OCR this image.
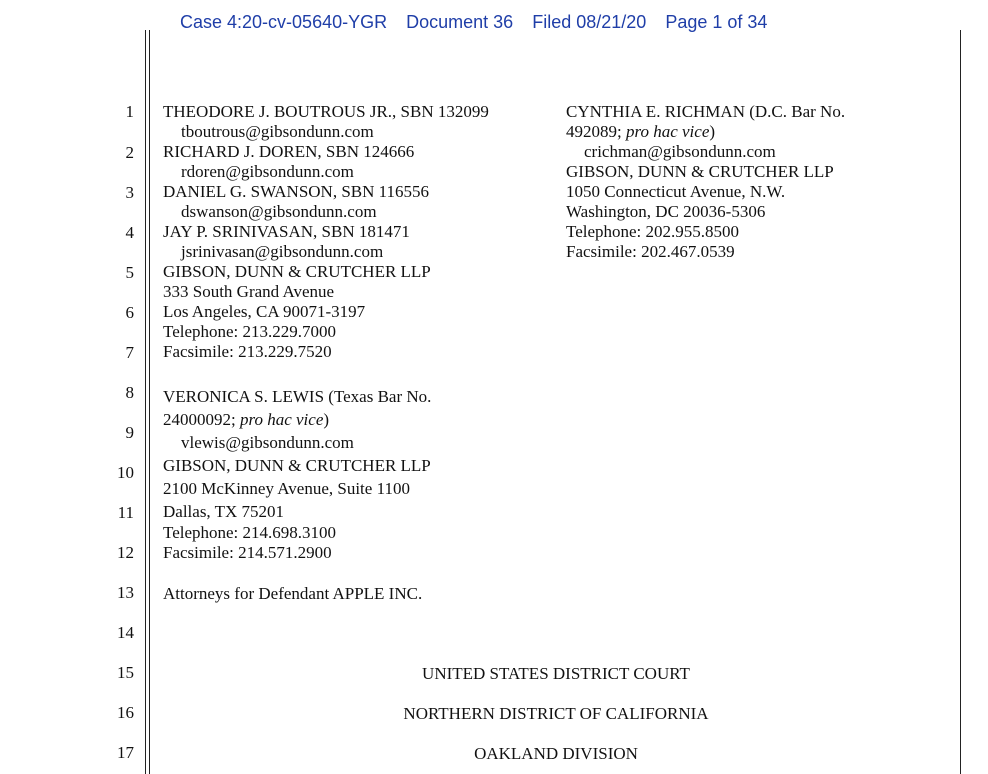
Case 4:20-cv-05640-YGR Document 36 Filed 08/21/20 Page 1 of 34
1
2
3
4
5
6
7
8
9
10
11
12
13
14
15
16
17
THEODORE J. BOUTROUS JR., SBN 132099
tboutrous@gibsondunn.com
RICHARD J. DOREN, SBN 124666
rdoren@gibsondunn.com
DANIEL G. SWANSON, SBN 116556
dswanson@gibsondunn.com
JAY P. SRINIVASAN, SBN 181471
jsrinivasan@gibsondunn.com
GIBSON, DUNN & CRUTCHER LLP
333 South Grand Avenue
Los Angeles, CA 90071-3197
Telephone: 213.229.7000
Facsimile: 213.229.7520
CYNTHIA E. RICHMAN (D.C. Bar No.
492089; pro hac vice)
crichman@gibsondunn.com
GIBSON, DUNN & CRUTCHER LLP
1050 Connecticut Avenue, N.W.
Washington, DC 20036-5306
Telephone: 202.955.8500
Facsimile: 202.467.0539
VERONICA S. LEWIS (Texas Bar No.
24000092; pro hac vice)
vlewis@gibsondunn.com
GIBSON, DUNN & CRUTCHER LLP
2100 McKinney Avenue, Suite 1100
Dallas, TX 75201
Telephone: 214.698.3100
Facsimile: 214.571.2900
Attorneys for Defendant APPLE INC.
UNITED STATES DISTRICT COURT
NORTHERN DISTRICT OF CALIFORNIA
OAKLAND DIVISION
